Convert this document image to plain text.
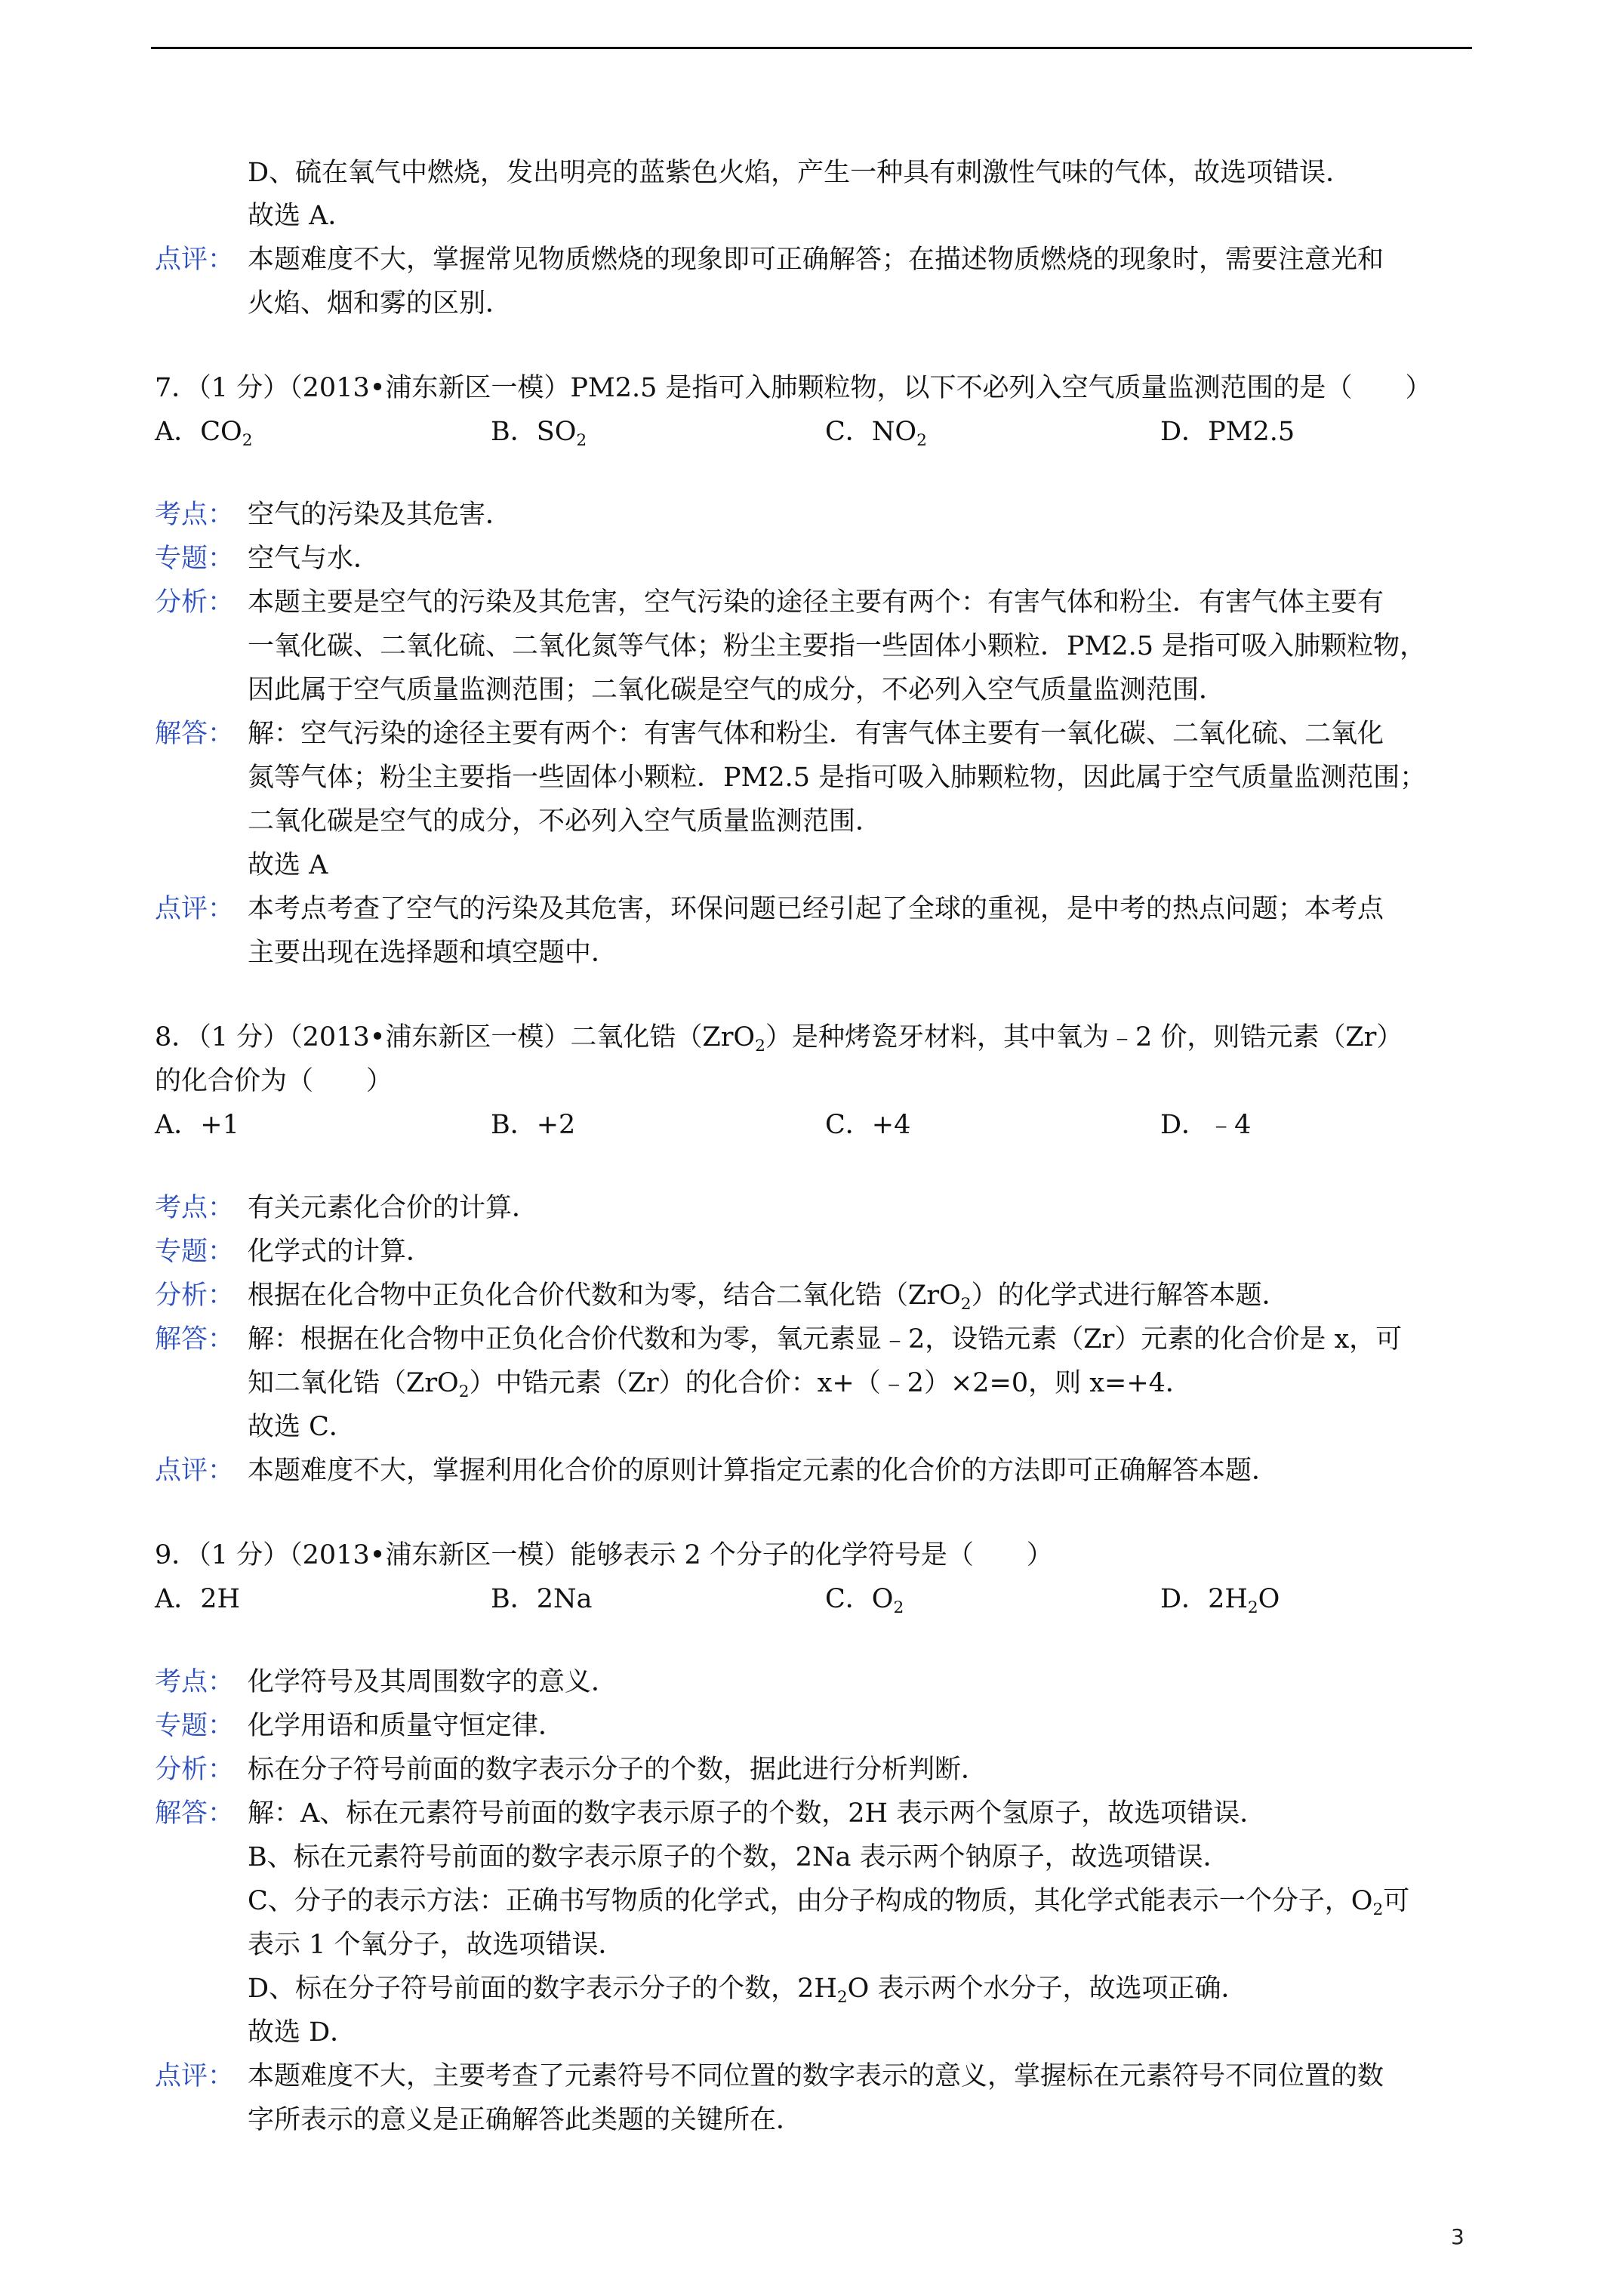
D、硫在氧气中燃烧，发出明亮的蓝紫色火焰，产生一种具有刺激性气味的气体，故选项错误．
故选 A．
点评： 本题难度不大，掌握常见物质燃烧的现象即可正确解答；在描述物质燃烧的现象时，需要注意光和
火焰、烟和雾的区别．
7．（1 分）（2013•浦东新区一模）PM2.5 是指可入肺颗粒物，以下不必列入空气质量监测范围的是（　　）
A．$CO_2$	B．$SO_2$	C．$NO_2$	D．PM2.5
考点： 空气的污染及其危害．
专题： 空气与水．
分析： 本题主要是空气的污染及其危害，空气污染的途径主要有两个：有害气体和粉尘．有害气体主要有
一氧化碳、二氧化硫、二氧化氮等气体；粉尘主要指一些固体小颗粒．PM2.5 是指可吸入肺颗粒物，
因此属于空气质量监测范围；二氧化碳是空气的成分，不必列入空气质量监测范围．
解答： 解：空气污染的途径主要有两个：有害气体和粉尘．有害气体主要有一氧化碳、二氧化硫、二氧化
氮等气体；粉尘主要指一些固体小颗粒．PM2.5 是指可吸入肺颗粒物，因此属于空气质量监测范围；
二氧化碳是空气的成分，不必列入空气质量监测范围．
故选 A
点评： 本考点考查了空气的污染及其危害，环保问题已经引起了全球的重视，是中考的热点问题；本考点
主要出现在选择题和填空题中．
8．（1 分）（2013•浦东新区一模）二氧化锆（ZrO$_2$）是种烤瓷牙材料，其中氧为﹣2 价，则锆元素（Zr）
的化合价为（　　）
A．+1	B．+2	C．+4	D．﹣4
考点： 有关元素化合价的计算．
专题： 化学式的计算．
分析： 根据在化合物中正负化合价代数和为零，结合二氧化锆（ZrO$_2$）的化学式进行解答本题．
解答： 解：根据在化合物中正负化合价代数和为零，氧元素显﹣2，设锆元素（Zr）元素的化合价是 x，可
知二氧化锆（ZrO$_2$）中锆元素（Zr）的化合价：x+（﹣2）×2=0，则 x=+4．
故选 C．
点评： 本题难度不大，掌握利用化合价的原则计算指定元素的化合价的方法即可正确解答本题．
9．（1 分）（2013•浦东新区一模）能够表示 2 个分子的化学符号是（　　）
A．2H	B．2Na	C．$O_2$	D．$2H_2O$
考点： 化学符号及其周围数字的意义．
专题： 化学用语和质量守恒定律．
分析： 标在分子符号前面的数字表示分子的个数，据此进行分析判断．
解答： 解：A、标在元素符号前面的数字表示原子的个数，2H 表示两个氢原子，故选项错误．
B、标在元素符号前面的数字表示原子的个数，2Na 表示两个钠原子，故选项错误．
C、分子的表示方法：正确书写物质的化学式，由分子构成的物质，其化学式能表示一个分子，$O_2$可
表示 1 个氧分子，故选项错误．
D、标在分子符号前面的数字表示分子的个数，$2H_2O$ 表示两个水分子，故选项正确．
故选 D．
点评： 本题难度不大，主要考查了元素符号不同位置的数字表示的意义，掌握标在元素符号不同位置的数
字所表示的意义是正确解答此类题的关键所在．
3
